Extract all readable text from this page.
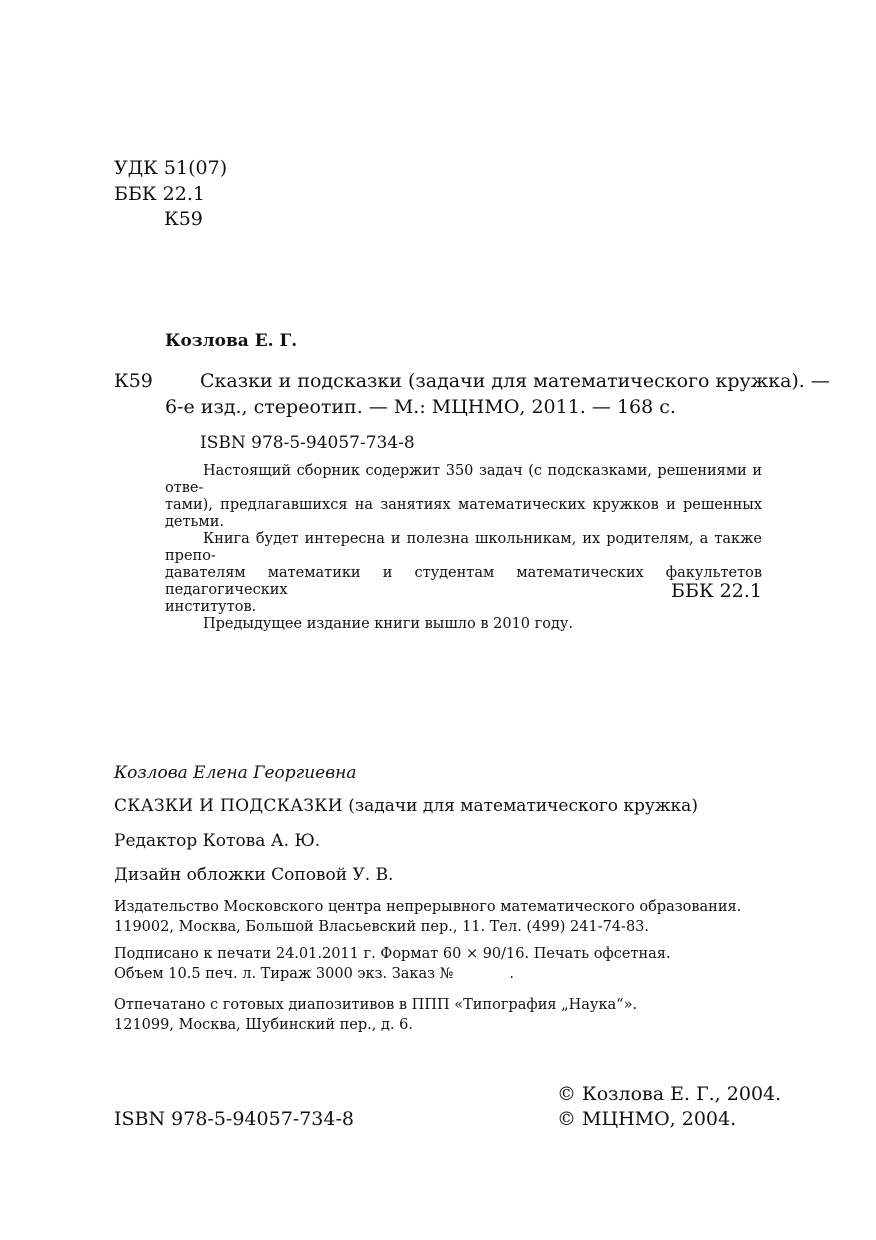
УДК 51(07)
ББК 22.1
К59
Козлова Е. Г.
К59 Сказки и подсказки (задачи для математического кружка). —
6-е изд., стереотип. — М.: МЦНМО, 2011. — 168 с.
ISBN 978-5-94057-734-8

Настоящий сборник содержит 350 задач (с подсказками, решениями и отве-

тами), предлагавшихся на занятиях математических кружков и решенных детьми.

Книга будет интересна и полезна школьникам, их родителям, а также препо-

давателям математики и студентам математических факультетов педагогических

институтов.

Предыдущее издание книги вышло в 2010 году.

ББК 22.1
Козлова Елена Георгиевна
СКАЗКИ И ПОДСКАЗКИ (задачи для математического кружка)
Редактор Котова А. Ю.
Дизайн обложки Соповой У. В.
Издательство Московского центра непрерывного математического образования.
119002, Москва, Большой Власьевский пер., 11. Тел. (499) 241-74-83.
Подписано к печати 24.01.2011 г. Формат 60 × 90/16. Печать офсетная.
Объем 10.5 печ. л. Тираж 3000 экз. Заказ №	.
Отпечатано с готовых диапозитивов в ППП «Типография „Наука“».
121099, Москва, Шубинский пер., д. 6.
ISBN 978-5-94057-734-8
© Козлова Е. Г., 2004.
© МЦНМО, 2004.
